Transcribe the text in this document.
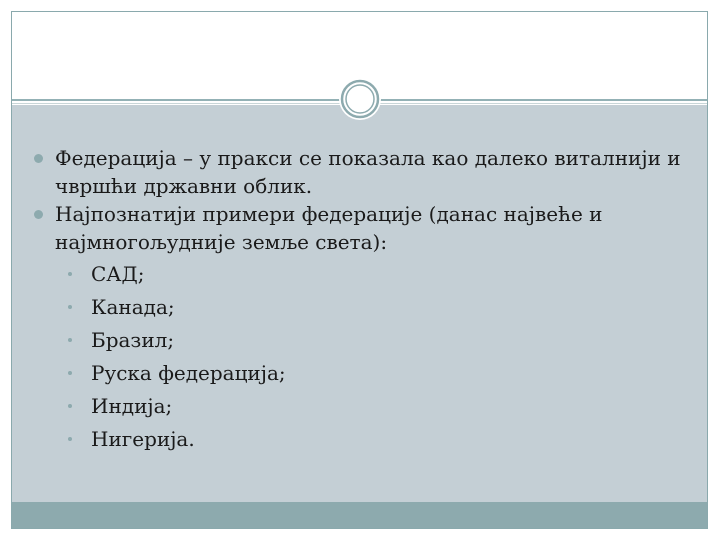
Федерација – у пракси се показала као далеко виталнији и чвршћи државни облик.
Најпознатији примери федерације (данас највеће и најмногољудније земље света):
САД;
Канада;
Бразил;
Руска федерација;
Индија;
Нигерија.
